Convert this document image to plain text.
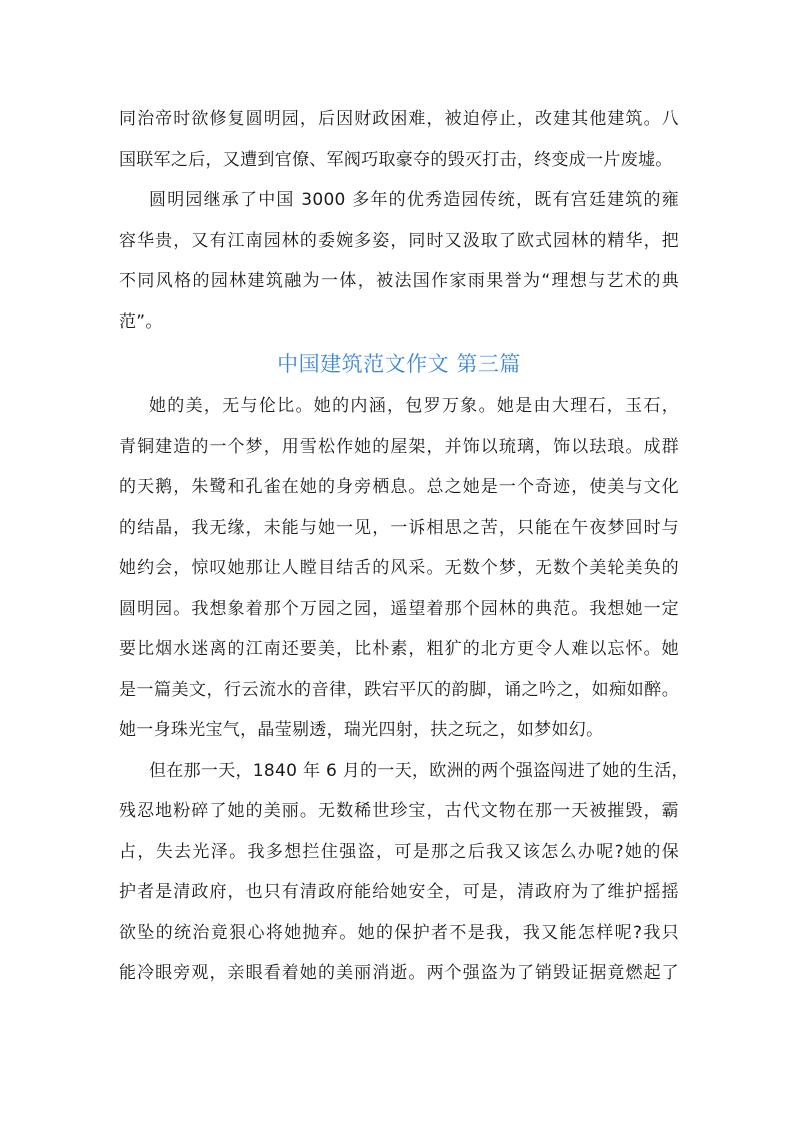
同治帝时欲修复圆明园，后因财政困难，被迫停止，改建其他建筑。八
国联军之后，又遭到官僚、军阀巧取豪夺的毁灭打击，终变成一片废墟。
圆明园继承了中国 3000 多年的优秀造园传统，既有宫廷建筑的雍
容华贵，又有江南园林的委婉多姿，同时又汲取了欧式园林的精华，把
不同风格的园林建筑融为一体，被法国作家雨果誉为“理想与艺术的典
范”。
中国建筑范文作文 第三篇
她的美，无与伦比。她的内涵，包罗万象。她是由大理石，玉石，
青铜建造的一个梦，用雪松作她的屋架，并饰以琉璃，饰以珐琅。成群
的天鹅，朱鹭和孔雀在她的身旁栖息。总之她是一个奇迹，使美与文化
的结晶，我无缘，未能与她一见，一诉相思之苦，只能在午夜梦回时与
她约会，惊叹她那让人瞠目结舌的风采。无数个梦，无数个美轮美奂的
圆明园。我想象着那个万园之园，遥望着那个园林的典范。我想她一定
要比烟水迷离的江南还要美，比朴素，粗犷的北方更令人难以忘怀。她
是一篇美文，行云流水的音律，跌宕平仄的韵脚，诵之吟之，如痴如醉。
她一身珠光宝气，晶莹剔透，瑞光四射，扶之玩之，如梦如幻。
但在那一天，1840 年 6 月的一天，欧洲的两个强盗闯进了她的生活，
残忍地粉碎了她的美丽。无数稀世珍宝，古代文物在那一天被摧毁，霸
占，失去光泽。我多想拦住强盗，可是那之后我又该怎么办呢?她的保
护者是清政府，也只有清政府能给她安全，可是，清政府为了维护摇摇
欲坠的统治竟狠心将她抛弃。她的保护者不是我，我又能怎样呢?我只
能冷眼旁观，亲眼看着她的美丽消逝。两个强盗为了销毁证据竟燃起了
